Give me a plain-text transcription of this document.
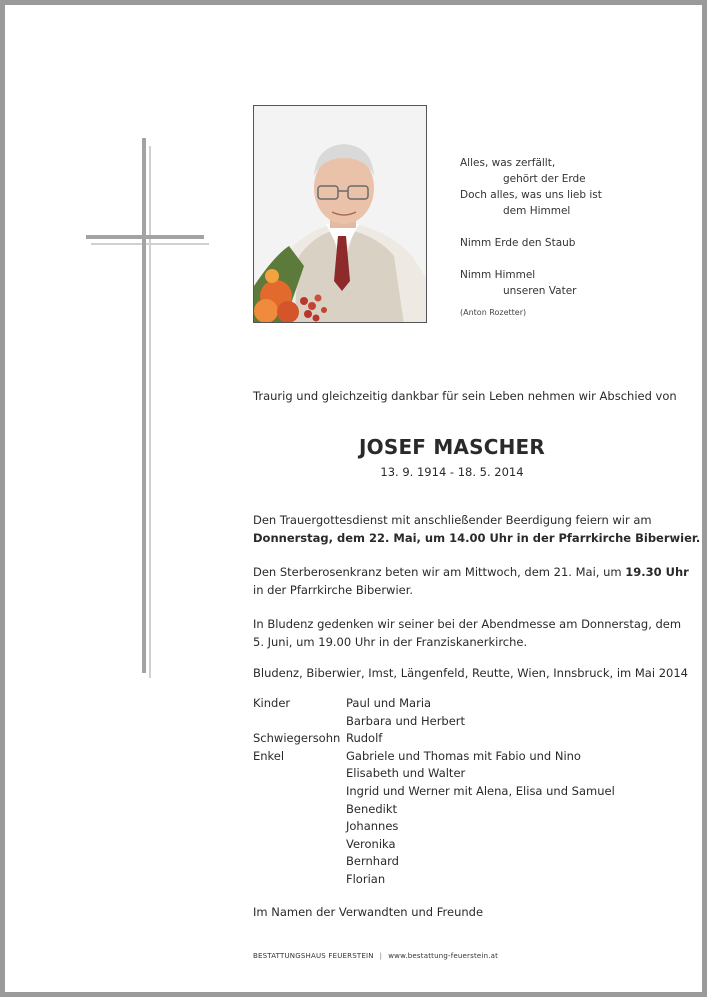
Alles, was zerfällt,
gehört der Erde
Doch alles, was uns lieb ist
dem Himmel
Nimm Erde den Staub
Nimm Himmel
unseren Vater
(Anton Rozetter)
Traurig und gleichzeitig dankbar für sein Leben nehmen wir Abschied von
JOSEF MASCHER
13. 9. 1914 - 18. 5. 2014
Den Trauergottesdienst mit anschließender Beerdigung feiern wir am
Donnerstag, dem 22. Mai, um 14.00 Uhr in der Pfarrkirche Biberwier.
Den Sterberosenkranz beten wir am Mittwoch, dem 21. Mai, um 19.30 Uhr
in der Pfarrkirche Biberwier.
In Bludenz gedenken wir seiner bei der Abendmesse am Donnerstag, dem
5. Juni, um 19.00 Uhr in der Franziskanerkirche.
Bludenz, Biberwier, Imst, Längenfeld, Reutte, Wien, Innsbruck, im Mai 2014
Kinder	Paul und Maria
Barbara und Herbert
Schwiegersohn Rudolf
Enkel	Gabriele und Thomas mit Fabio und Nino
Elisabeth und Walter
Ingrid und Werner mit Alena, Elisa und Samuel
Benedikt
Johannes
Veronika
Bernhard
Florian
Im Namen der Verwandten und Freunde
BESTATTUNGSHAUS FEUERSTEIN | www.bestattung-feuerstein.at
